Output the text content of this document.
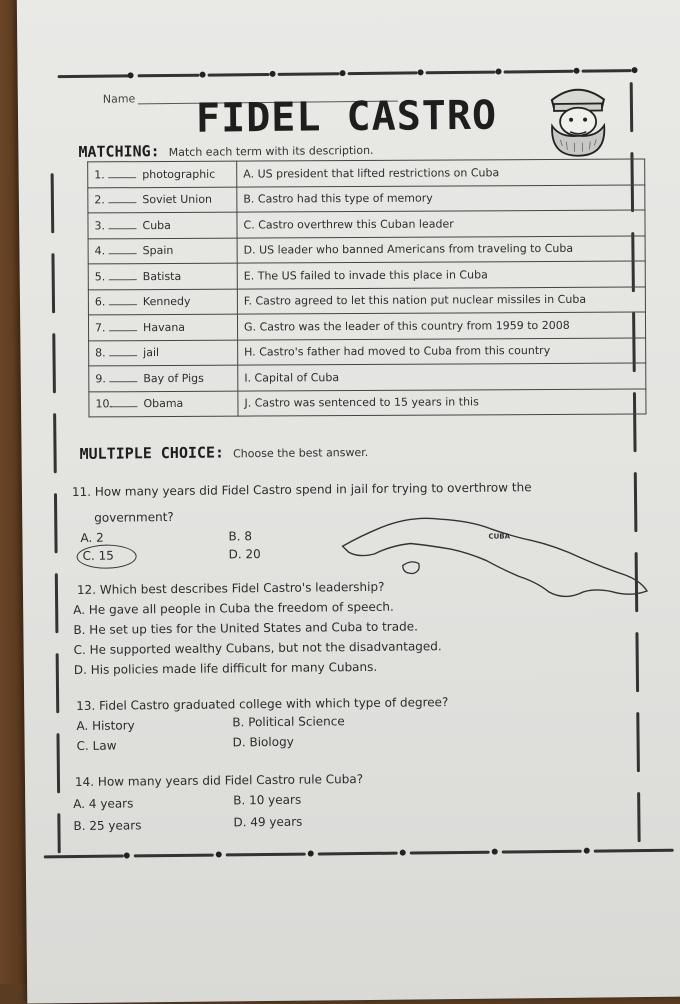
Name FIDEL CASTRO
MATCHING: Match each term with its description.
1. photographic	A. US president that lifted restrictions on Cuba
2. Soviet Union	B. Castro had this type of memory
3. Cuba	C. Castro overthrew this Cuban leader
4. Spain	D. US leader who banned Americans from traveling to Cuba
5. Batista	E. The US failed to invade this place in Cuba
6. Kennedy	F. Castro agreed to let this nation put nuclear missiles in Cuba
7. Havana	G. Castro was the leader of this country from 1959 to 2008
8. jail	H. Castro's father had moved to Cuba from this country
9. Bay of Pigs	I. Capital of Cuba
10. Obama	J. Castro was sentenced to 15 years in this
MULTIPLE CHOICE: Choose the best answer.
11. How many years did Fidel Castro spend in jail for trying to overthrow the
government?
A. 2	B. 8
C. 15	D. 20
CUBA
12. Which best describes Fidel Castro's leadership?
A. He gave all people in Cuba the freedom of speech.
B. He set up ties for the United States and Cuba to trade.
C. He supported wealthy Cubans, but not the disadvantaged.
D. His policies made life difficult for many Cubans.
13. Fidel Castro graduated college with which type of degree?
A. History	B. Political Science
C. Law	D. Biology
14. How many years did Fidel Castro rule Cuba?
A. 4 years	B. 10 years
B. 25 years	D. 49 years
